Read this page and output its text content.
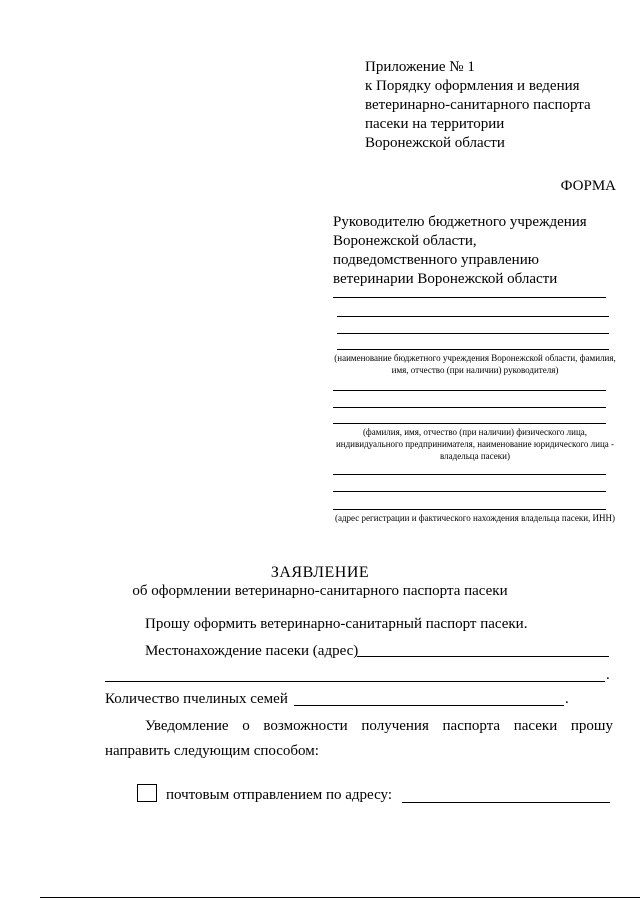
Приложение № 1
к Порядку оформления и ведения
ветеринарно-санитарного паспорта
пасеки на территории
Воронежской области
ФОРМА
Руководителю бюджетного учреждения
Воронежской области,
подведомственного управлению
ветеринарии Воронежской области
(наименование бюджетного учреждения Воронежской области, фамилия, имя, отчество (при наличии) руководителя)
(фамилия, имя, отчество (при наличии) физического лица, индивидуального предпринимателя, наименование юридического лица - владельца пасеки)
(адрес регистрации и фактического нахождения владельца пасеки, ИНН)
ЗАЯВЛЕНИЕ
об оформлении ветеринарно-санитарного паспорта пасеки
Прошу оформить ветеринарно-санитарный паспорт пасеки.
Местонахождение пасеки (адрес)
.
Количество пчелиных семей	.
Уведомление о возможности получения паспорта пасеки прошу
направить следующим способом:
почтовым отправлением по адресу:
